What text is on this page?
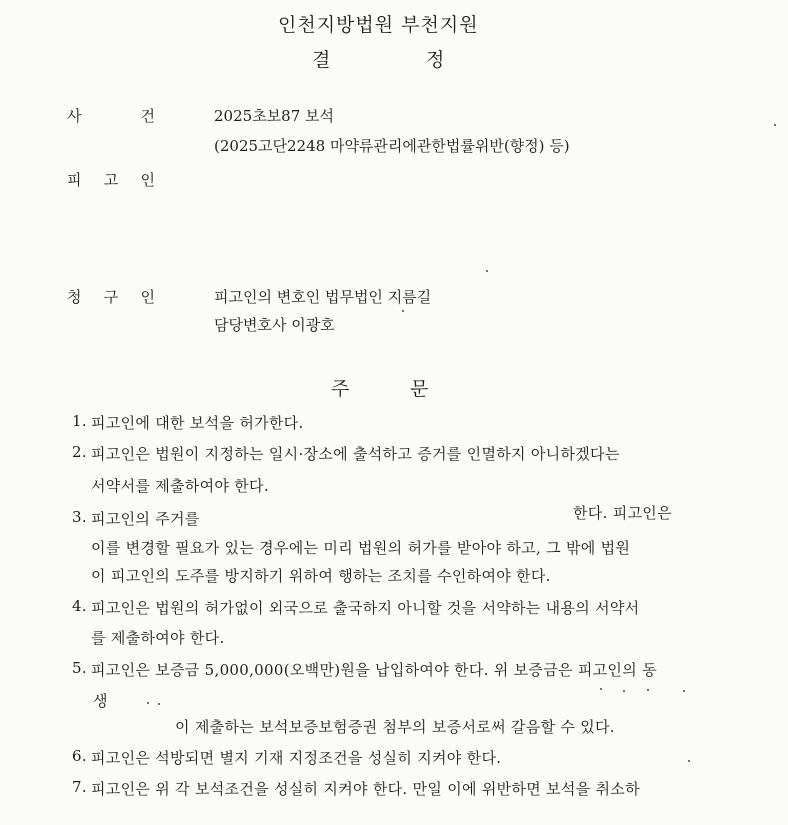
인천지방법원 부천지원
결	정
사	건	2025초보87 보석
(2025고단2248 마약류관리에관한법률위반(향정) 등)
피 고 인
청 구 인	피고인의 변호인 법무법인 지름길
담당변호사 이광호
주	문
1. 피고인에 대한 보석을 허가한다.
2. 피고인은 법원이 지정하는 일시·장소에 출석하고 증거를 인멸하지 아니하겠다는
서약서를 제출하여야 한다.
3. 피고인의 주거를	한다. 피고인은
이를 변경할 필요가 있는 경우에는 미리 법원의 허가를 받아야 하고, 그 밖에 법원
이 피고인의 도주를 방지하기 위하여 행하는 조치를 수인하여야 한다.
4. 피고인은 법원의 허가없이 외국으로 출국하지 아니할 것을 서약하는 내용의 서약서
를 제출하여야 한다.
5. 피고인은 보증금 5,000,000(오백만)원을 납입하여야 한다. 위 보증금은 피고인의 동
생
이 제출하는 보석보증보험증권 첨부의 보증서로써 갈음할 수 있다.
6. 피고인은 석방되면 별지 기재 지정조건을 성실히 지켜야 한다.
7. 피고인은 위 각 보석조건을 성실히 지켜야 한다. 만일 이에 위반하면 보석을 취소하
